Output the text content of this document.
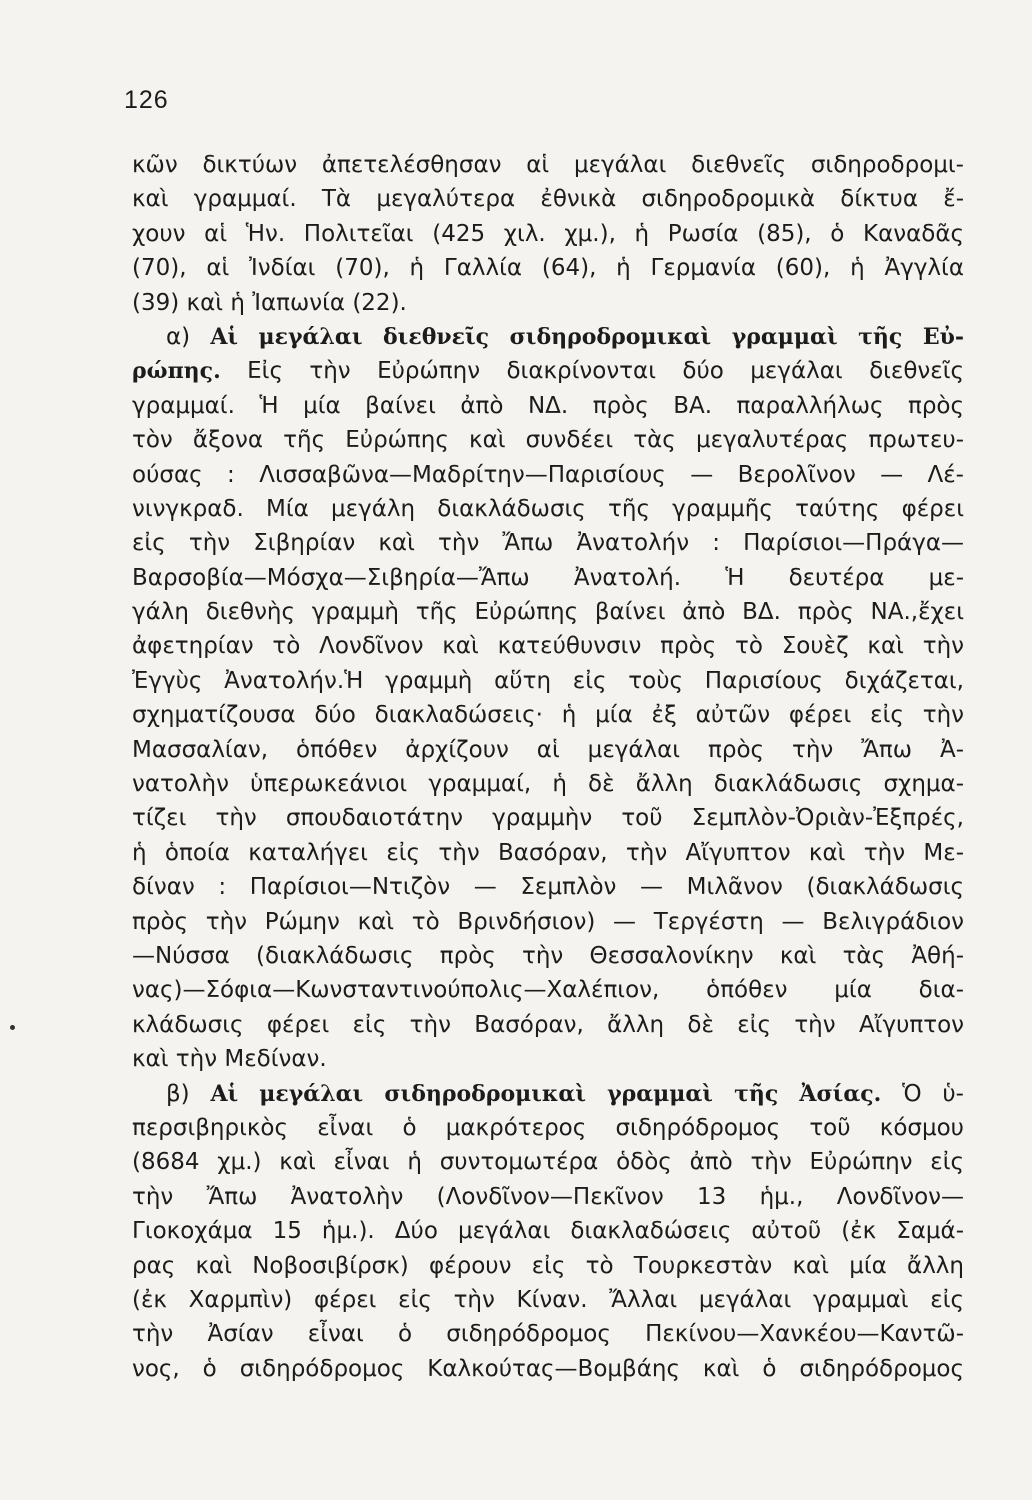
126
κῶν δικτύων ἀπετελέσθησαν αἱ μεγάλαι διεθνεῖς σιδηροδρομι-
καὶ γραμμαί. Τὰ μεγαλύτερα ἐθνικὰ σιδηροδρομικὰ δίκτυα ἔ-
χουν αἱ Ἡν. Πολιτεῖαι (425 χιλ. χμ.), ἡ Ρωσία (85), ὁ Καναδᾶς
(70), αἱ Ἰνδίαι (70), ἡ Γαλλία (64), ἡ Γερμανία (60), ἡ Ἀγγλία
(39) καὶ ἡ Ἰαπωνία (22).
α) Αἱ μεγάλαι διεθνεῖς σιδηροδρομικαὶ γραμμαὶ τῆς Εὐ-
ρώπης. Εἰς τὴν Εὐρώπην διακρίνονται δύο μεγάλαι διεθνεῖς
γραμμαί. Ἡ μία βαίνει ἀπὸ ΝΔ. πρὸς ΒΑ. παραλλήλως πρὸς
τὸν ἄξονα τῆς Εὐρώπης καὶ συνδέει τὰς μεγαλυτέρας πρωτευ-
ούσας : Λισσαβῶνα—Μαδρίτην—Παρισίους — Βερολῖνον — Λέ-
νινγκραδ. Μία μεγάλη διακλάδωσις τῆς γραμμῆς ταύτης φέρει
εἰς τὴν Σιβηρίαν καὶ τὴν Ἄπω Ἀνατολήν : Παρίσιοι—Πράγα—
Βαρσοβία—Μόσχα—Σιβηρία—Ἄπω Ἀνατολή. Ἡ δευτέρα με-
γάλη διεθνὴς γραμμὴ τῆς Εὐρώπης βαίνει ἀπὸ ΒΔ. πρὸς ΝΑ.,ἔχει
ἀφετηρίαν τὸ Λονδῖνον καὶ κατεύθυνσιν πρὸς τὸ Σουὲζ καὶ τὴν
Ἐγγὺς Ἀνατολήν.Ἡ γραμμὴ αὕτη εἰς τοὺς Παρισίους διχάζεται,
σχηματίζουσα δύο διακλαδώσεις· ἡ μία ἐξ αὐτῶν φέρει εἰς τὴν
Μασσαλίαν, ὁπόθεν ἀρχίζουν αἱ μεγάλαι πρὸς τὴν Ἄπω Ἀ-
νατολὴν ὑπερωκεάνιοι γραμμαί, ἡ δὲ ἄλλη διακλάδωσις σχημα-
τίζει τὴν σπουδαιοτάτην γραμμὴν τοῦ Σεμπλὸν-Ὀριὰν-Ἐξπρές,
ἡ ὁποία καταλήγει εἰς τὴν Βασόραν, τὴν Αἴγυπτον καὶ τὴν Με-
δίναν : Παρίσιοι—Ντιζὸν — Σεμπλὸν — Μιλᾶνον (διακλάδωσις
πρὸς τὴν Ρώμην καὶ τὸ Βρινδήσιον) — Τεργέστη — Βελιγράδιον
—Νύσσα (διακλάδωσις πρὸς τὴν Θεσσαλονίκην καὶ τὰς Ἀθή-
νας)—Σόφια—Κωνσταντινούπολις—Χαλέπιον, ὁπόθεν μία δια-
κλάδωσις φέρει εἰς τὴν Βασόραν, ἄλλη δὲ εἰς τὴν Αἴγυπτον
καὶ τὴν Μεδίναν.
β) Αἱ μεγάλαι σιδηροδρομικαὶ γραμμαὶ τῆς Ἀσίας. Ὁ ὑ-
περσιβηρικὸς εἶναι ὁ μακρότερος σιδηρόδρομος τοῦ κόσμου
(8684 χμ.) καὶ εἶναι ἡ συντομωτέρα ὁδὸς ἀπὸ τὴν Εὐρώπην εἰς
τὴν Ἄπω Ἀνατολὴν (Λονδῖνον—Πεκῖνον 13 ἡμ., Λονδῖνον—
Γιοκοχάμα 15 ἡμ.). Δύο μεγάλαι διακλαδώσεις αὐτοῦ (ἐκ Σαμά-
ρας καὶ Νοβοσιβίρσκ) φέρουν εἰς τὸ Τουρκεστὰν καὶ μία ἄλλη
(ἐκ Χαρμπὶν) φέρει εἰς τὴν Κίναν. Ἄλλαι μεγάλαι γραμμαὶ εἰς
τὴν Ἀσίαν εἶναι ὁ σιδηρόδρομος Πεκίνου—Χανκέου—Καντῶ-
νος, ὁ σιδηρόδρομος Καλκούτας—Βομβάης καὶ ὁ σιδηρόδρομος
